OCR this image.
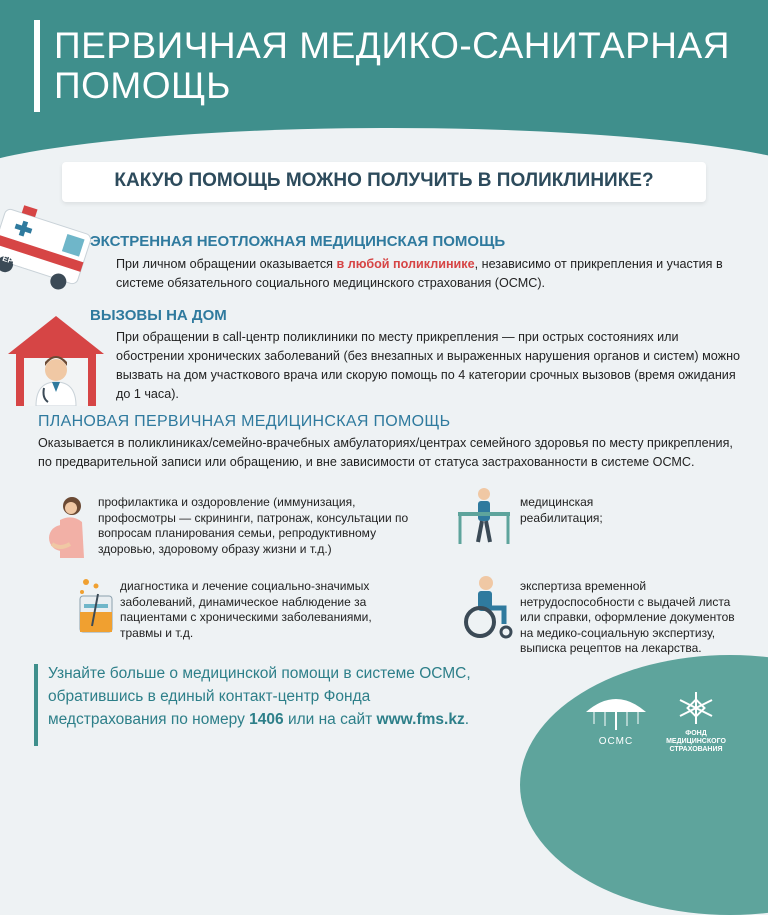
ПЕРВИЧНАЯ МЕДИКО-САНИТАРНАЯ
ПОМОЩЬ
КАКУЮ ПОМОЩЬ МОЖНО ПОЛУЧИТЬ В ПОЛИКЛИНИКЕ?
ЕРЕМА
ЭКСТРЕННАЯ НЕОТЛОЖНАЯ МЕДИЦИНСКАЯ ПОМОЩЬ
При личном обращении оказывается в любой поликлинике, независимо от прикрепления и участия в системе обязательного социального медицинского страхования (ОСМС).
ВЫЗОВЫ НА ДОМ
При обращении в call-центр поликлиники по месту прикрепления — при острых состояниях или обострении хронических заболеваний (без внезапных и выраженных нарушения органов и систем) можно вызвать на дом участкового врача или скорую помощь по 4 категории срочных вызовов (время ожидания до 1 часа).
ПЛАНОВАЯ ПЕРВИЧНАЯ МЕДИЦИНСКАЯ ПОМОЩЬ
Оказывается в поликлиниках/семейно-врачебных амбулаториях/центрах семейного здоровья по месту прикрепления, по предварительной записи или обращению, и вне зависимости от статуса застрахованности в системе ОСМС.
профилактика и оздоровление (иммунизация, профосмотры — скрининги, патронаж, консультации по вопросам планирования семьи, репродуктивному здоровью, здоровому образу жизни и т.д.)
медицинская реабилитация;
диагностика и лечение социально-значимых заболеваний, динамическое наблюдение за пациентами с хроническими заболеваниями, травмы и т.д.
экспертиза временной нетрудоспособности с выдачей листа или справки, оформление документов на медико-социальную экспертизу, выписка рецептов на лекарства.
Узнайте больше о медицинской помощи в системе ОСМС, обратившись в единый контакт-центр Фонда медстрахования по номеру 1406 или на сайт www.fms.kz.
ОСМС
ФОНД
МЕДИЦИНСКОГО
СТРАХОВАНИЯ
